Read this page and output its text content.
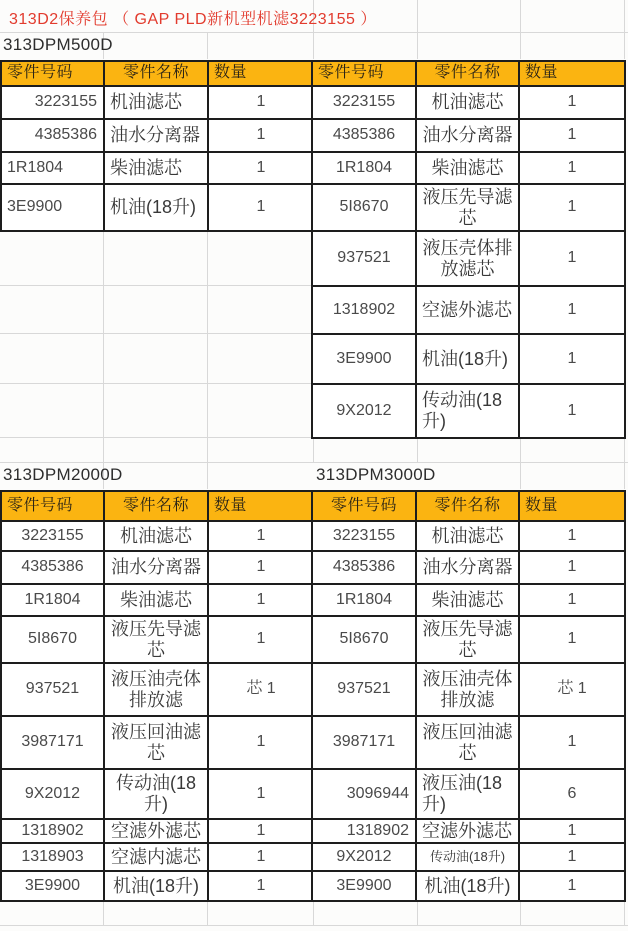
313D2保养包 （ GAP PLD新机型机滤3223155 ）
313DPM500D
313DPM2000D	313DPM3000D
零件号码	零件名称	数量
3223155	机油滤芯	1
4385386	油水分离器	1
1R1804	柴油滤芯	1
3E9900	机油(18升)	1
零件号码	零件名称	数量
3223155	机油滤芯	1
4385386	油水分离器	1
1R1804	柴油滤芯	1
5I8670	液压先导滤芯	1
937521	液压壳体排放滤芯	1
1318902	空滤外滤芯	1
3E9900	机油(18升)	1
9X2012	传动油(18升)	1
零件号码	零件名称	数量
3223155	机油滤芯	1
4385386	油水分离器	1
1R1804	柴油滤芯	1
5I8670	液压先导滤芯	1
937521	液压油壳体排放滤	芯 1
3987171	液压回油滤芯	1
9X2012	传动油(18升)	1
1318902	空滤外滤芯	1
1318903	空滤内滤芯	1
3E9900	机油(18升)	1
零件号码	零件名称	数量
3223155	机油滤芯	1
4385386	油水分离器	1
1R1804	柴油滤芯	1
5I8670	液压先导滤芯	1
937521	液压油壳体排放滤	芯 1
3987171	液压回油滤芯	1
3096944	液压油(18升)	6
1318902	空滤外滤芯	1
9X2012	传动油(18升)	1
3E9900	机油(18升)	1
